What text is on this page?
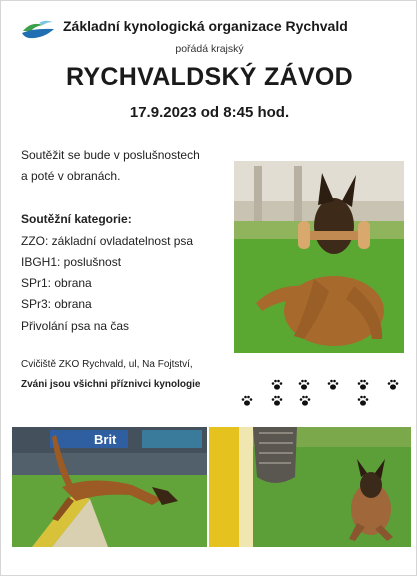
Základní kynologická organizace Rychvald
pořádá krajský
RYCHVALDSKÝ ZÁVOD
17.9.2023 od 8:45 hod.
Soutěžit se bude v poslušnostech
a poté v obranách.
Soutěžní kategorie:
ZZO: základní ovladatelnost psa
IBGH1: poslušnost
SPr1: obrana
SPr3: obrana
Přivolání psa na čas
Cvičiště ZKO Rychvald, ul, Na Fojtství,
Zváni jsou všichni příznivci kynologie
Brit
